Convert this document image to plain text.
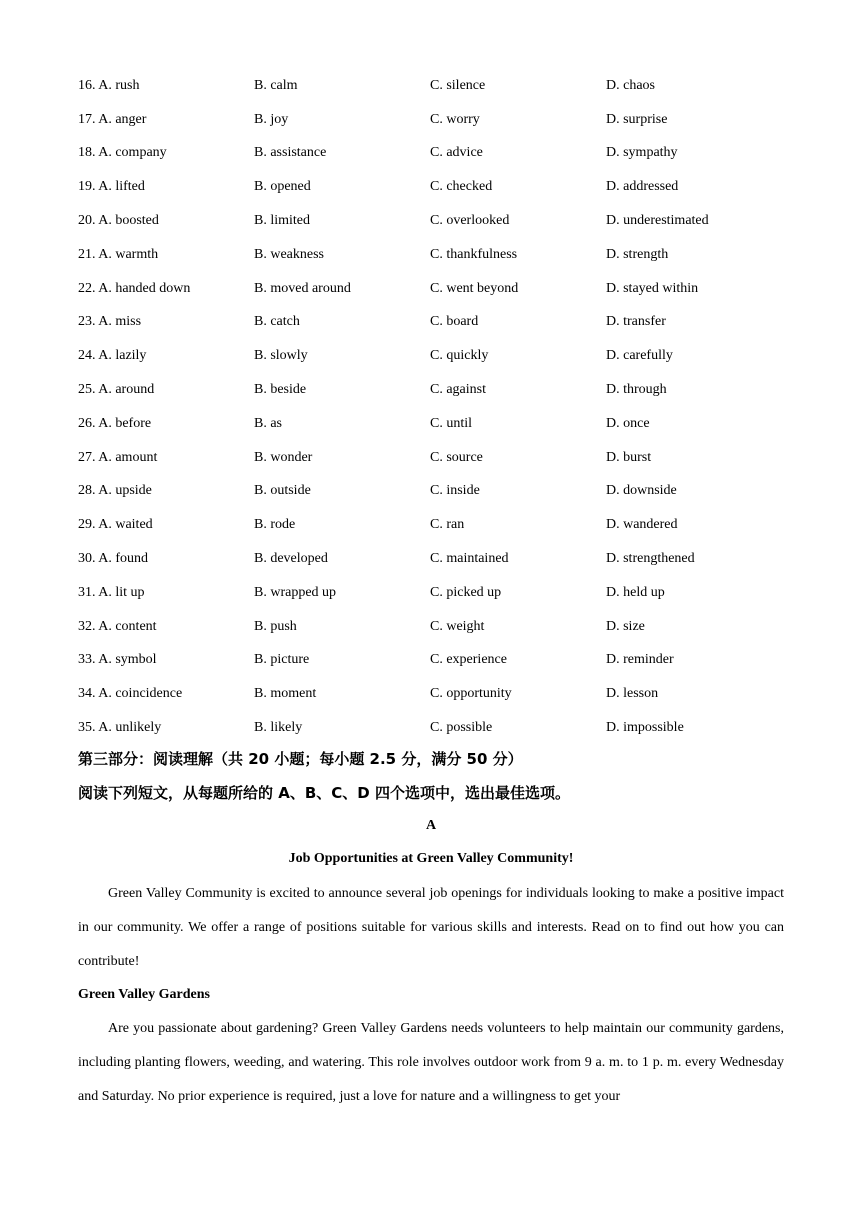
16. A. rush	B. calm	C. silence	D. chaos
17. A. anger	B. joy	C. worry	D. surprise
18. A. company	B. assistance	C. advice	D. sympathy
19. A. lifted	B. opened	C. checked	D. addressed
20. A. boosted	B. limited	C. overlooked	D. underestimated
21. A. warmth	B. weakness	C. thankfulness	D. strength
22. A. handed down	B. moved around	C. went beyond	D. stayed within
23. A. miss	B. catch	C. board	D. transfer
24. A. lazily	B. slowly	C. quickly	D. carefully
25. A. around	B. beside	C. against	D. through
26. A. before	B. as	C. until	D. once
27. A. amount	B. wonder	C. source	D. burst
28. A. upside	B. outside	C. inside	D. downside
29. A. waited	B. rode	C. ran	D. wandered
30. A. found	B. developed	C. maintained	D. strengthened
31. A. lit up	B. wrapped up	C. picked up	D. held up
32. A. content	B. push	C. weight	D. size
33. A. symbol	B. picture	C. experience	D. reminder
34. A. coincidence	B. moment	C. opportunity	D. lesson
35. A. unlikely	B. likely	C. possible	D. impossible
第三部分：阅读理解（共 20 小题；每小题 2.5 分，满分 50 分）
阅读下列短文，从每题所给的 A、B、C、D 四个选项中，选出最佳选项。
A
Job Opportunities at Green Valley Community!
Green Valley Community is excited to announce several job openings for individuals looking to make a positive impact in our community. We offer a range of positions suitable for various skills and interests. Read on to find out how you can contribute!
Green Valley Gardens
Are you passionate about gardening? Green Valley Gardens needs volunteers to help maintain our community gardens, including planting flowers, weeding, and watering. This role involves outdoor work from 9 a. m. to 1 p. m. every Wednesday and Saturday. No prior experience is required, just a love for nature and a willingness to get your
